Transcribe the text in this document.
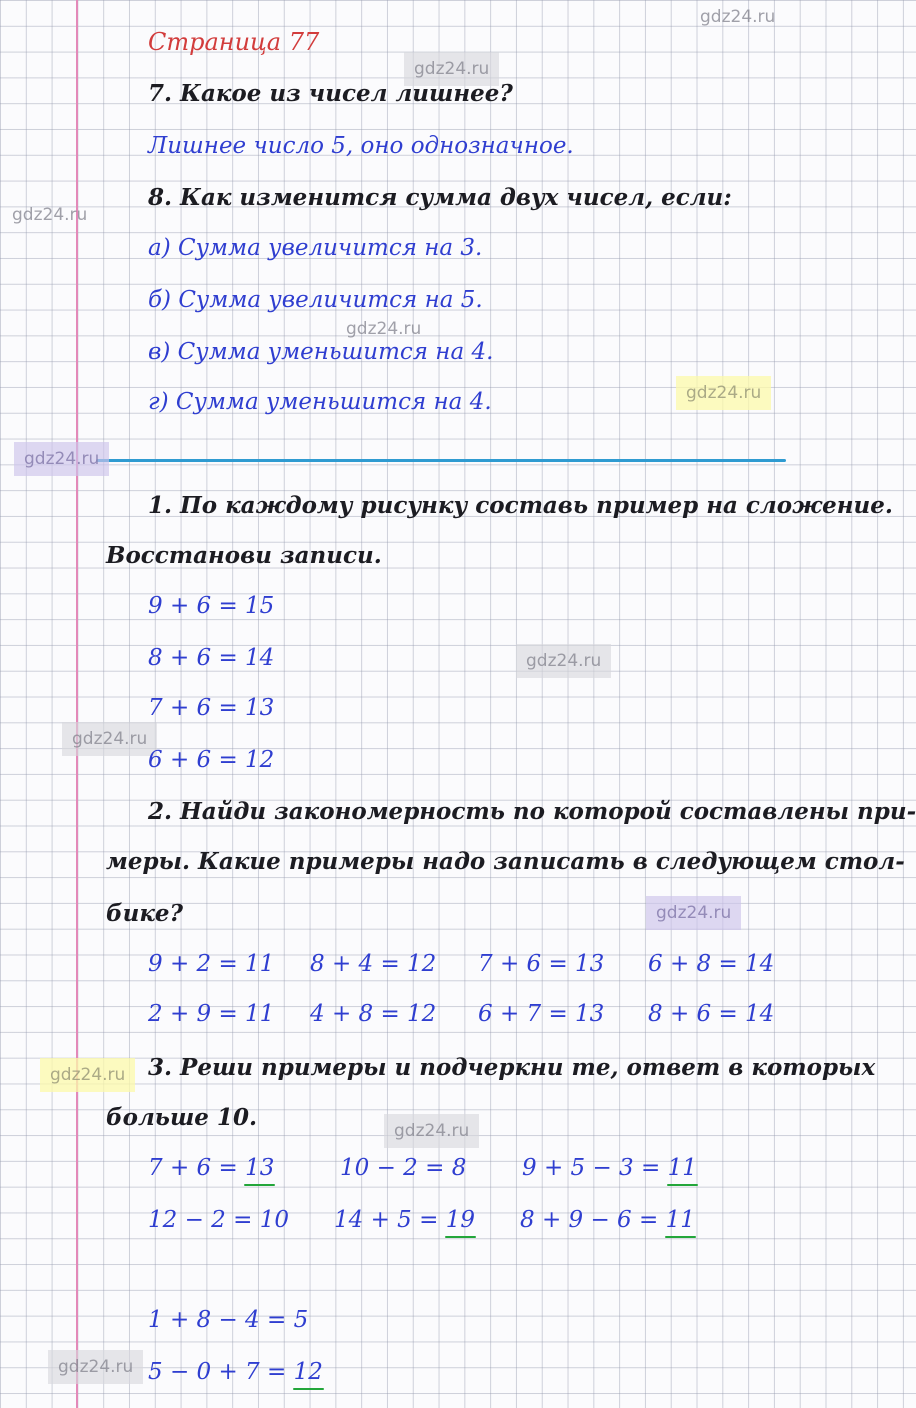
gdz24.ru
gdz24.ru
gdz24.ru
gdz24.ru
gdz24.ru
gdz24.ru
gdz24.ru
gdz24.ru
gdz24.ru
gdz24.ru
gdz24.ru
gdz24.ru
Страница 77
7. Какое из чисел лишнее?
Лишнее число 5, оно однозначное.
8. Как изменится сумма двух чисел, если:
а) Сумма увеличится на 3.
б) Сумма увеличится на 5.
в) Сумма уменьшится на 4.
г) Сумма уменьшится на 4.
1. По каждому рисунку составь пример на сложение.
Восстанови записи.
9 + 6 = 15
8 + 6 = 14
7 + 6 = 13
6 + 6 = 12
2. Найди закономерность по которой составлены при-
меры. Какие примеры надо записать в следующем стол-
бике?
9 + 2 = 11 8 + 4 = 12 7 + 6 = 13 6 + 8 = 14
2 + 9 = 11 4 + 8 = 12 6 + 7 = 13 8 + 6 = 14
3. Реши примеры и подчеркни те, ответ в которых
больше 10.
7 + 6 = 13	10 − 2 = 8 9 + 5 − 3 = 11
12 − 2 = 10 14 + 5 = 19 8 + 9 − 6 = 11
1 + 8 − 4 = 5
5 − 0 + 7 = 12
